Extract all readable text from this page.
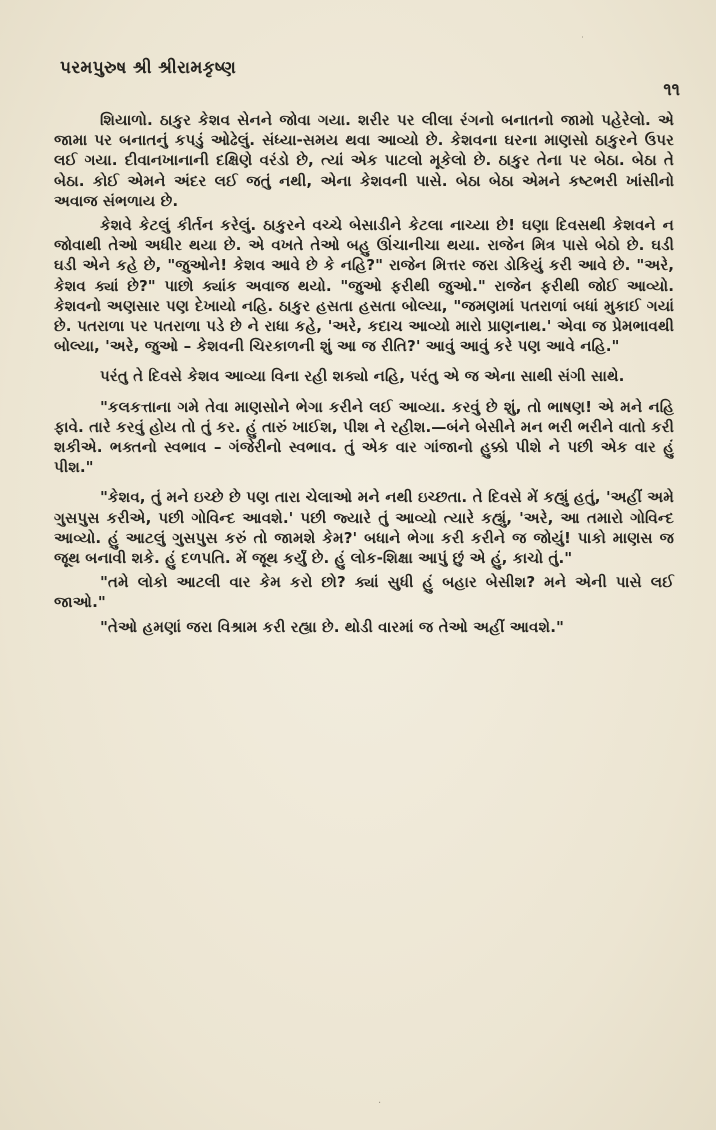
પરમપુરુષ શ્રી શ્રીરામકૃષ્ણ
૧૧
˙

શિયાળો. ઠાકુર કેશવ સેનને જોવા ગયા. શરીર પર લીલા રંગનો બનાતનો જામો પહેરેલો. એ જામા પર બનાતનું કપડું ઓઢેલું. સંધ્યા-સમય થવા આવ્યો છે. કેશવના ઘરના માણસો ઠાકુરને ઉપર લઈ ગયા. દીવાનખાનાની દક્ષિણે વરંડો છે, ત્યાં એક પાટલો મૂકેલો છે. ઠાકુર તેના પર બેઠા. બેઠા તે બેઠા. કોઈ એમને અંદર લઈ જતું નથી, એના કેશવની પાસે. બેઠા બેઠા એમને કષ્ટભરી ખાંસીનો અવાજ સંભળાય છે.

કેશવે કેટલું કીર્તન કરેલું. ઠાકુરને વચ્ચે બેસાડીને કેટલા નાચ્યા છે! ઘણા દિવસથી કેશવને ન જોવાથી તેઓ અધીર થયા છે. એ વખતે તેઓ બહુ ઊંચાનીચા થયા. રાજેન મિત્ર પાસે બેઠો છે. ઘડી ઘડી એને કહે છે, "જુઓને! કેશવ આવે છે કે નહિ?" રાજેન મિત્તર જરા ડોકિયું કરી આવે છે. "અરે, કેશવ ક્યાં છે?" પાછો ક્યાંક અવાજ થયો. "જુઓ ફરીથી જુઓ." રાજેન ફરીથી જોઈ આવ્યો. કેશવનો અણસાર પણ દેખાયો નહિ. ઠાકુર હસતા હસતા બોલ્યા, "જમણમાં પતરાળાં બધાં મુકાઈ ગયાં છે. પતરાળા પર પતરાળા પડે છે ને રાધા કહે, 'અરે, કદાચ આવ્યો મારો પ્રાણનાથ.' એવા જ પ્રેમભાવથી બોલ્યા, 'અરે, જુઓ – કેશવની ચિરકાળની શું આ જ રીતિ?' આવું આવું કરે પણ આવે નહિ."

પરંતુ તે દિવસે કેશવ આવ્યા વિના રહી શક્યો નહિ, પરંતુ એ જ એના સાથી સંગી સાથે.

"કલકત્તાના ગમે તેવા માણસોને ભેગા કરીને લઈ આવ્યા. કરવું છે શું, તો ભાષણ! એ મને નહિ ફાવે. તારે કરવું હોય તો તું કર. હું તારું ખાઈશ, પીશ ને રહીશ.—બંને બેસીને મન ભરી ભરીને વાતો કરી શકીએ. ભક્તનો સ્વભાવ – ગંજેરીનો સ્વભાવ. તું એક વાર ગાંજાનો હુક્કો પીશે ને પછી એક વાર હું પીશ."

"કેશવ, તું મને ઇચ્છે છે પણ તારા ચેલાઓ મને નથી ઇચ્છતા. તે દિવસે મેં કહ્યું હતું, 'અહીં અમે ગુસપુસ કરીએ, પછી ગોવિન્દ આવશે.' પછી જ્યારે તું આવ્યો ત્યારે કહ્યું, 'અરે, આ તમારો ગોવિન્દ આવ્યો. હું આટલું ગુસપુસ કરું તો જામશે કેમ?' બધાને ભેગા કરી કરીને જ જોયું! પાકો માણસ જ જૂથ બનાવી શકે. હું દળપતિ. મેં જૂથ કર્યું છે. હું લોક-શિક્ષા આપું છું એ હું, કાચો તું."

"તમે લોકો આટલી વાર કેમ કરો છો? ક્યાં સુધી હું બહાર બેસીશ? મને એની પાસે લઈ જાઓ."

"તેઓ હમણાં જરા વિશ્રામ કરી રહ્યા છે. થોડી વારમાં જ તેઓ અહીં આવશે."

·
